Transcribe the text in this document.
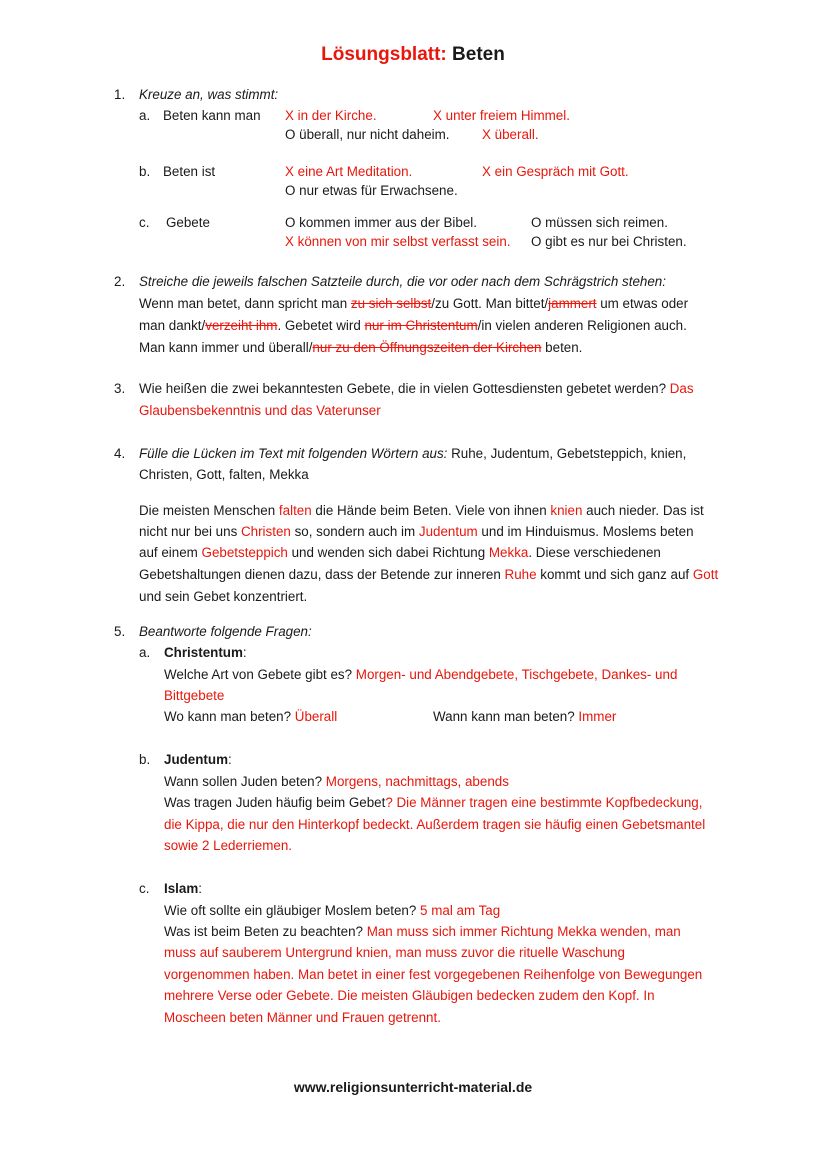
Lösungsblatt: Beten
1. Kreuze an, was stimmt:
a. Beten kann man X in der Kirche.	X unter freiem Himmel.
O überall, nur nicht daheim. X überall.
b. Beten ist	X eine Art Meditation.	X ein Gespräch mit Gott.
O nur etwas für Erwachsene.
c. Gebete	O kommen immer aus der Bibel.	O müssen sich reimen.
X können von mir selbst verfasst sein. O gibt es nur bei Christen.
2. Streiche die jeweils falschen Satzteile durch, die vor oder nach dem Schrägstrich stehen:
Wenn man betet, dann spricht man zu sich selbst/zu Gott. Man bittet/jammert um etwas oder
man dankt/verzeiht ihm. Gebetet wird nur im Christentum/in vielen anderen Religionen auch.
Man kann immer und überall/nur zu den Öffnungszeiten der Kirchen beten.
3. Wie heißen die zwei bekanntesten Gebete, die in vielen Gottesdiensten gebetet werden? Das
Glaubensbekenntnis und das Vaterunser
4. Fülle die Lücken im Text mit folgenden Wörtern aus: Ruhe, Judentum, Gebetsteppich, knien,
Christen, Gott, falten, Mekka
Die meisten Menschen falten die Hände beim Beten. Viele von ihnen knien auch nieder. Das ist
nicht nur bei uns Christen so, sondern auch im Judentum und im Hinduismus. Moslems beten
auf einem Gebetsteppich und wenden sich dabei Richtung Mekka. Diese verschiedenen
Gebetshaltungen dienen dazu, dass der Betende zur inneren Ruhe kommt und sich ganz auf Gott
und sein Gebet konzentriert.
5. Beantworte folgende Fragen:
a. Christentum:
Welche Art von Gebete gibt es? Morgen- und Abendgebete, Tischgebete, Dankes- und
Bittgebete
Wo kann man beten? Überall	Wann kann man beten? Immer
b. Judentum:
Wann sollen Juden beten? Morgens, nachmittags, abends
Was tragen Juden häufig beim Gebet? Die Männer tragen eine bestimmte Kopfbedeckung,
die Kippa, die nur den Hinterkopf bedeckt. Außerdem tragen sie häufig einen Gebetsmantel
sowie 2 Lederriemen.
c. Islam:
Wie oft sollte ein gläubiger Moslem beten? 5 mal am Tag
Was ist beim Beten zu beachten? Man muss sich immer Richtung Mekka wenden, man
muss auf sauberem Untergrund knien, man muss zuvor die rituelle Waschung
vorgenommen haben. Man betet in einer fest vorgegebenen Reihenfolge von Bewegungen
mehrere Verse oder Gebete. Die meisten Gläubigen bedecken zudem den Kopf. In
Moscheen beten Männer und Frauen getrennt.
www.religionsunterricht-material.de
